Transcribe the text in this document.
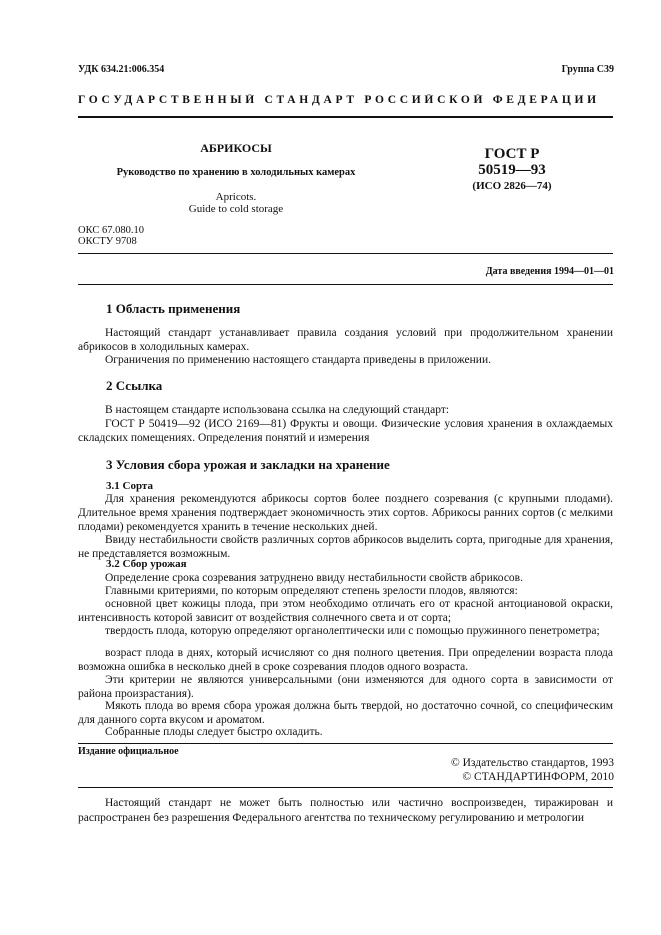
УДК 634.21:006.354	Группа С39
ГОСУДАРСТВЕННЫЙ СТАНДАРТ РОССИЙСКОЙ ФЕДЕРАЦИИ
АБРИКОСЫ
Руководство по хранению в холодильных камерах
Apricots.
Guide to cold storage
ГОСТ Р
50519—93
(ИСО 2826—74)
ОКС 67.080.10
ОКСТУ 9708
Дата введения 1994—01—01
1 Область применения

Настоящий стандарт устанавливает правила создания условий при продолжительном хранении абрикосов в холодильных камерах.

Ограничения по применению настоящего стандарта приведены в приложении.

2 Ссылка

В настоящем стандарте использована ссылка на следующий стандарт:

ГОСТ Р 50419—92 (ИСО 2169—81) Фрукты и овощи. Физические условия хранения в охлаждаемых складских помещениях. Определения понятий и измерения

3 Условия сбора урожая и закладки на хранение
3.1 Сорта

Для хранения рекомендуются абрикосы сортов более позднего созревания (с крупными плодами). Длительное время хранения подтверждает экономичность этих сортов. Абрикосы ранних сортов (с мелкими плодами) рекомендуется хранить в течение нескольких дней.

Ввиду нестабильности свойств различных сортов абрикосов выделить сорта, пригодные для хранения, не представляется возможным.

3.2 Сбор урожая

Определение срока созревания затруднено ввиду нестабильности свойств абрикосов.

Главными критериями, по которым определяют степень зрелости плодов, являются:

основной цвет кожицы плода, при этом необходимо отличать его от красной антоциановой окраски, интенсивность которой зависит от воздействия солнечного света и от сорта;

твердость плода, которую определяют органолептически или с помощью пружинного пенетрометра;

возраст плода в днях, который исчисляют со дня полного цветения. При определении возраста плода возможна ошибка в несколько дней в сроке созревания плодов одного возраста.

Эти критерии не являются универсальными (они изменяются для одного сорта в зависимости от района произрастания).

Мякоть плода во время сбора урожая должна быть твердой, но достаточно сочной, со специфическим для данного сорта вкусом и ароматом.

Собранные плоды следует быстро охладить.

Издание официальное
© Издательство стандартов, 1993
© СТАНДАРТИНФОРМ, 2010

Настоящий стандарт не может быть полностью или частично воспроизведен, тиражирован и распространен без разрешения Федерального агентства по техническому регулированию и метрологии
